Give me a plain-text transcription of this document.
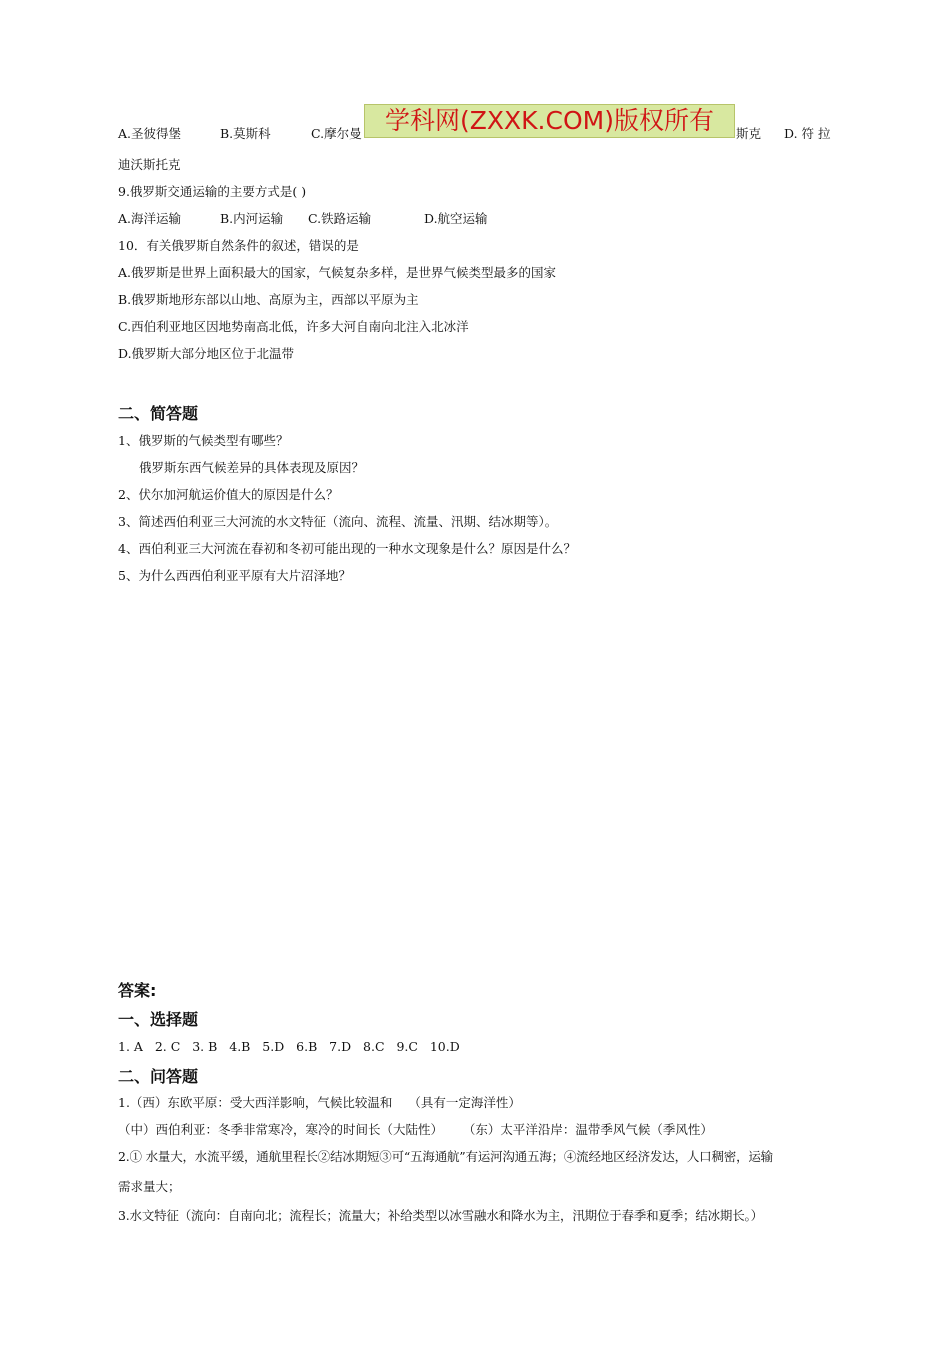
A.圣彼得堡	B.莫斯科	C.摩尔曼	斯克 D. 符 拉
迪沃斯托克
学科网(ZXXK.COM)版权所有
9.俄罗斯交通运输的主要方式是( )
A.海洋运输	B.内河运输 C.铁路运输	D.航空运输
10．有关俄罗斯自然条件的叙述，错误的是
A.俄罗斯是世界上面积最大的国家，气候复杂多样，是世界气候类型最多的国家
B.俄罗斯地形东部以山地、高原为主，西部以平原为主
C.西伯利亚地区因地势南高北低，许多大河自南向北注入北冰洋
D.俄罗斯大部分地区位于北温带
二、简答题
1、俄罗斯的气候类型有哪些？
俄罗斯东西气候差异的具体表现及原因？
2、伏尔加河航运价值大的原因是什么？
3、简述西伯利亚三大河流的水文特征（流向、流程、流量、汛期、结冰期等）。
4、西伯利亚三大河流在春初和冬初可能出现的一种水文现象是什么？原因是什么？
5、为什么西西伯利亚平原有大片沼泽地？
答案:
一、选择题
1. A   2. C   3. B   4.B   5.D   6.B   7.D   8.C   9.C   10.D
二、问答题
1.（西）东欧平原：受大西洋影响，气候比较温和    （具有一定海洋性）
（中）西伯利亚：冬季非常寒冷，寒冷的时间长（大陆性）     （东）太平洋沿岸：温带季风气候（季风性）
2.① 水量大，水流平缓，通航里程长②结冰期短③可“五海通航”有运河沟通五海；④流经地区经济发达，人口稠密，运输
需求量大；
3.水文特征（流向：自南向北；流程长；流量大；补给类型以冰雪融水和降水为主，汛期位于春季和夏季；结冰期长。）
